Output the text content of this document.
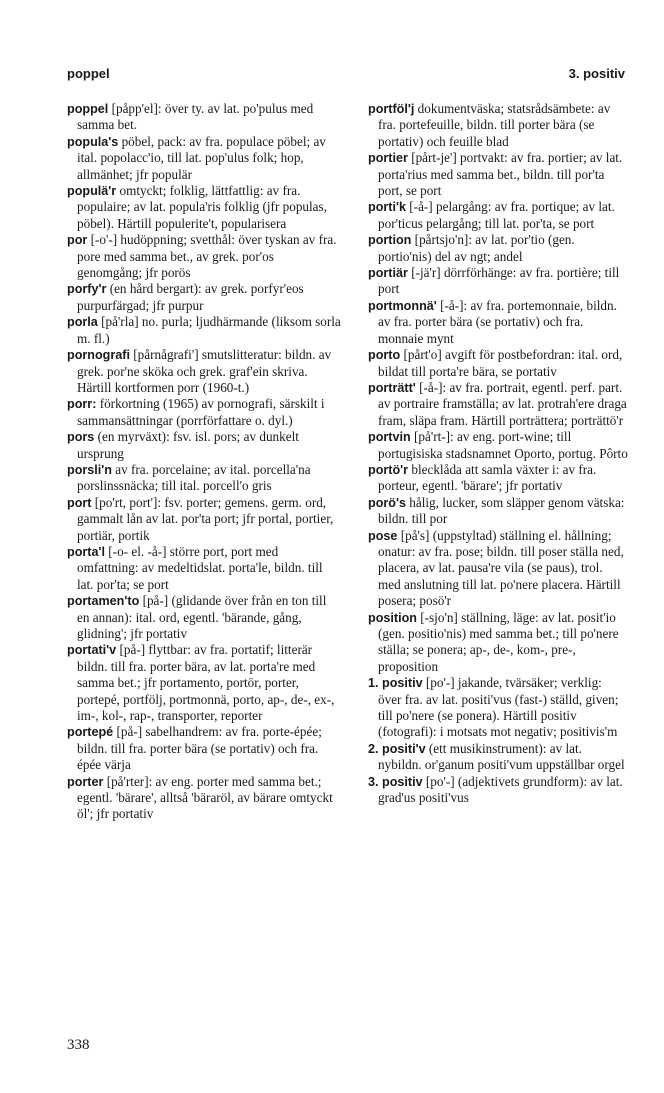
poppel	3. positiv
poppel [påpp'el]: över ty. av lat. po'pulus med samma bet.
popula's pöbel, pack: av fra. populace pöbel; av ital. popolacc'io, till lat. pop'ulus folk; hop, allmänhet; jfr populär
populä'r omtyckt; folklig, lättfattlig: av fra. populaire; av lat. popula'ris folklig (jfr populas, pöbel). Härtill populerite't, popularisera
por [-o'-] hudöppning; svetthål: över tyskan av fra. pore med samma bet., av grek. por'os genomgång; jfr porös
porfy'r (en hård bergart): av grek. porfyr'eos purpurfärgad; jfr purpur
porla [på'rla] no. purla; ljudhärmande (liksom sorla m. fl.)
pornografi [pårnågrafi'] smutslitteratur: bildn. av grek. por'ne sköka och grek. graf'ein skriva. Härtill kortformen porr (1960-t.)
porr: förkortning (1965) av pornografi, särskilt i sammansättningar (porrförfattare o. dyl.)
pors (en myrväxt): fsv. isl. pors; av dunkelt ursprung
porsli'n av fra. porcelaine; av ital. porcella'na porslinssnäcka; till ital. porcell'o gris
port [po'rt, port']: fsv. porter; gemens. germ. ord, gammalt lån av lat. por'ta port; jfr portal, portier, portiär, portik
porta'l [-o- el. -å-] större port, port med omfattning: av medeltidslat. porta'le, bildn. till lat. por'ta; se port
portamen'to [på-] (glidande över från en ton till en annan): ital. ord, egentl. 'bärande, gång, glidning'; jfr portativ
portati'v [på-] flyttbar: av fra. portatif; litterär bildn. till fra. porter bära, av lat. porta're med samma bet.; jfr portamento, portör, porter, portepé, portfölj, portmonnä, porto, ap-, de-, ex-, im-, kol-, rap-, transporter, reporter
portepé [på-] sabelhandrem: av fra. porte-épée; bildn. till fra. porter bära (se portativ) och fra. épée värja
porter [på'rter]: av eng. porter med samma bet.; egentl. 'bärare', alltså 'bäraröl, av bärare omtyckt öl'; jfr portativ
portföl'j dokumentväska; statsrådsämbete: av fra. portefeuille, bildn. till porter bära (se portativ) och feuille blad
portier [pårt-je'] portvakt: av fra. portier; av lat. porta'rius med samma bet., bildn. till por'ta port, se port
porti'k [-å-] pelargång: av fra. portique; av lat. por'ticus pelargång; till lat. por'ta, se port
portion [pårtsjo'n]: av lat. por'tio (gen. portio'nis) del av ngt; andel
portiär [-jä'r] dörrförhänge: av fra. portière; till port
portmonnä' [-å-]: av fra. portemonnaie, bildn. av fra. porter bära (se portativ) och fra. monnaie mynt
porto [pårt'o] avgift för postbefordran: ital. ord, bildat till porta're bära, se portativ
porträtt' [-å-]: av fra. portrait, egentl. perf. part. av portraire framställa; av lat. protrah'ere draga fram, släpa fram. Härtill porträttera; porträttö'r
portvin [på'rt-]: av eng. port-wine; till portugisiska stadsnamnet Oporto, portug. Pôrto
portö'r blecklåda att samla växter i: av fra. porteur, egentl. 'bärare'; jfr portativ
porö's hålig, lucker, som släpper genom vätska: bildn. till por
pose [på's] (uppstyltad) ställning el. hållning; onatur: av fra. pose; bildn. till poser ställa ned, placera, av lat. pausa're vila (se paus), trol. med anslutning till lat. po'nere placera. Härtill posera; posö'r
position [-sjo'n] ställning, läge: av lat. posit'io (gen. positio'nis) med samma bet.; till po'nere ställa; se ponera; ap-, de-, kom-, pre-, proposition
1. positiv [po'-] jakande, tvärsäker; verklig: över fra. av lat. positi'vus (fast-) ställd, given; till po'nere (se ponera). Härtill positiv (fotografi): i motsats mot negativ; positivis'm
2. positi'v (ett musikinstrument): av lat. nybildn. or'ganum positi'vum uppställbar orgel
3. positiv [po'-] (adjektivets grundform): av lat. grad'us positi'vus
338
